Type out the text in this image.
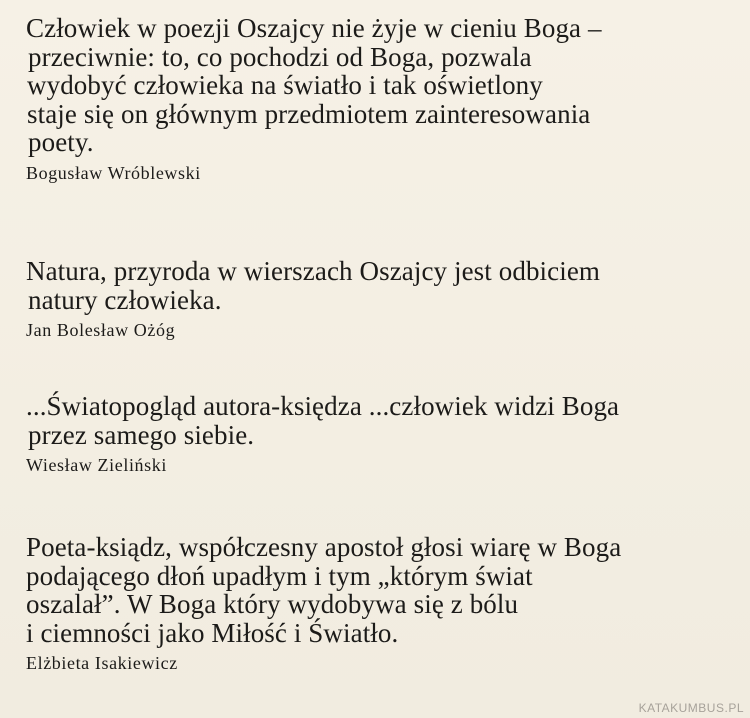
Człowiek w poezji Oszajcy nie żyje w cieniu Boga –
przeciwnie: to, co pochodzi od Boga, pozwala
wydobyć człowieka na światło i tak oświetlony
staje się on głównym przedmiotem zainteresowania
poety.
Bogusław Wróblewski
Natura, przyroda w wierszach Oszajcy jest odbiciem
natury człowieka.
Jan Bolesław Ożóg
...Światopogląd autora-księdza ...człowiek widzi Boga
przez samego siebie.
Wiesław Zieliński
Poeta-ksiądz, współczesny apostoł głosi wiarę w Boga
podającego dłoń upadłym i tym „którym świat
oszalał”. W Boga który wydobywa się z bólu
i ciemności jako Miłość i Światło.
Elżbieta Isakiewicz
KATAKUMBUS.PL
